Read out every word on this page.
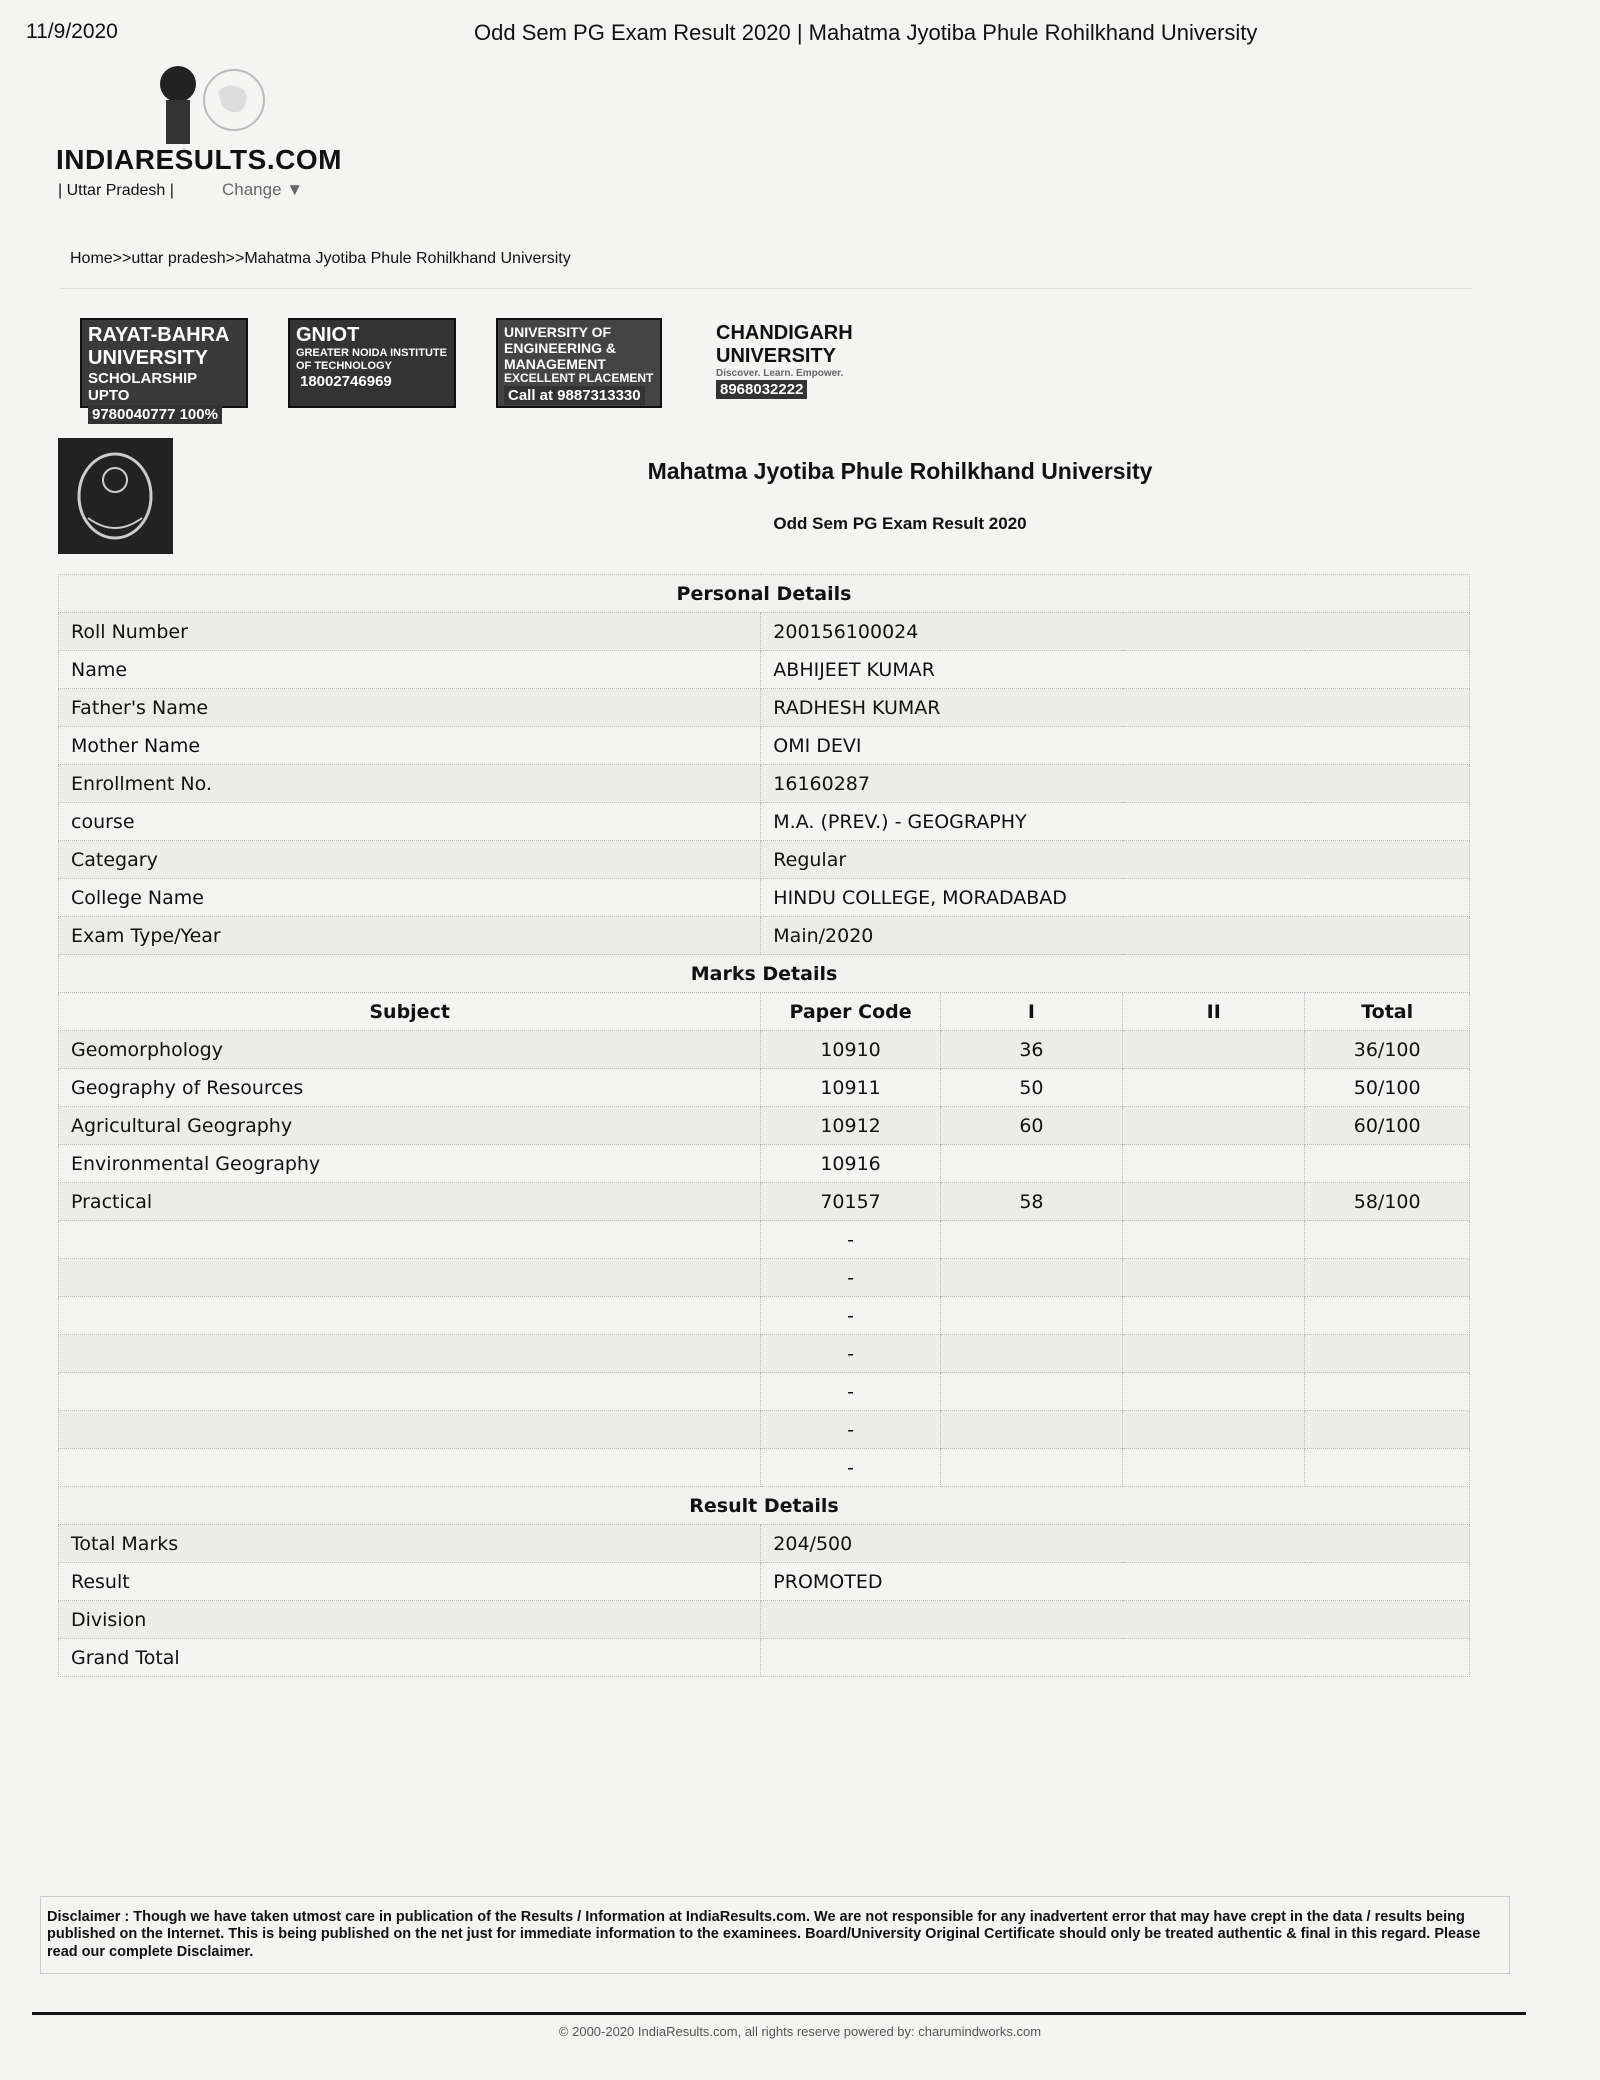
11/9/2020	Odd Sem PG Exam Result 2020 | Mahatma Jyotiba Phule Rohilkhand University
INDIARESULTS.COM
| Uttar Pradesh |	Change ▼
Home>>uttar pradesh>>Mahatma Jyotiba Phule Rohilkhand University
RAYAT-BAHRA UNIVERSITY
SCHOLARSHIP UPTO
9780040777 100%
GNIOT
GREATER NOIDA INSTITUTE OF TECHNOLOGY
18002746969
UNIVERSITY OF ENGINEERING & MANAGEMENT
EXCELLENT PLACEMENT
Call at 9887313330
CHANDIGARH UNIVERSITY
Discover. Learn. Empower.
8968032222
Mahatma Jyotiba Phule Rohilkhand University
Odd Sem PG Exam Result 2020
Personal Details				
Roll Number	200156100024			
Name	ABHIJEET KUMAR			
Father's Name	RADHESH KUMAR			
Mother Name	OMI DEVI			
Enrollment No.	16160287			
course	M.A. (PREV.) - GEOGRAPHY			
Categary	Regular			
College Name	HINDU COLLEGE, MORADABAD			
Exam Type/Year	Main/2020			
Marks Details				
Subject	Paper Code	I	II	Total
Geomorphology	10910	36		36/100
Geography of Resources	10911	50		50/100
Agricultural Geography	10912	60		60/100
Environmental Geography	10916			
Practical	70157	58		58/100
	-			
	-			
	-			
	-			
	-			
	-			
	-			
Result Details				
Total Marks	204/500			
Result	PROMOTED			
Division				
Grand Total				
Disclaimer : Though we have taken utmost care in publication of the Results / Information at IndiaResults.com. We are not responsible for any inadvertent error that may have crept in the data / results being published on the Internet. This is being published on the net just for immediate information to the examinees. Board/University Original Certificate should only be treated authentic & final in this regard. Please read our complete Disclaimer.
© 2000-2020 IndiaResults.com, all rights reserve powered by: charumindworks.com
